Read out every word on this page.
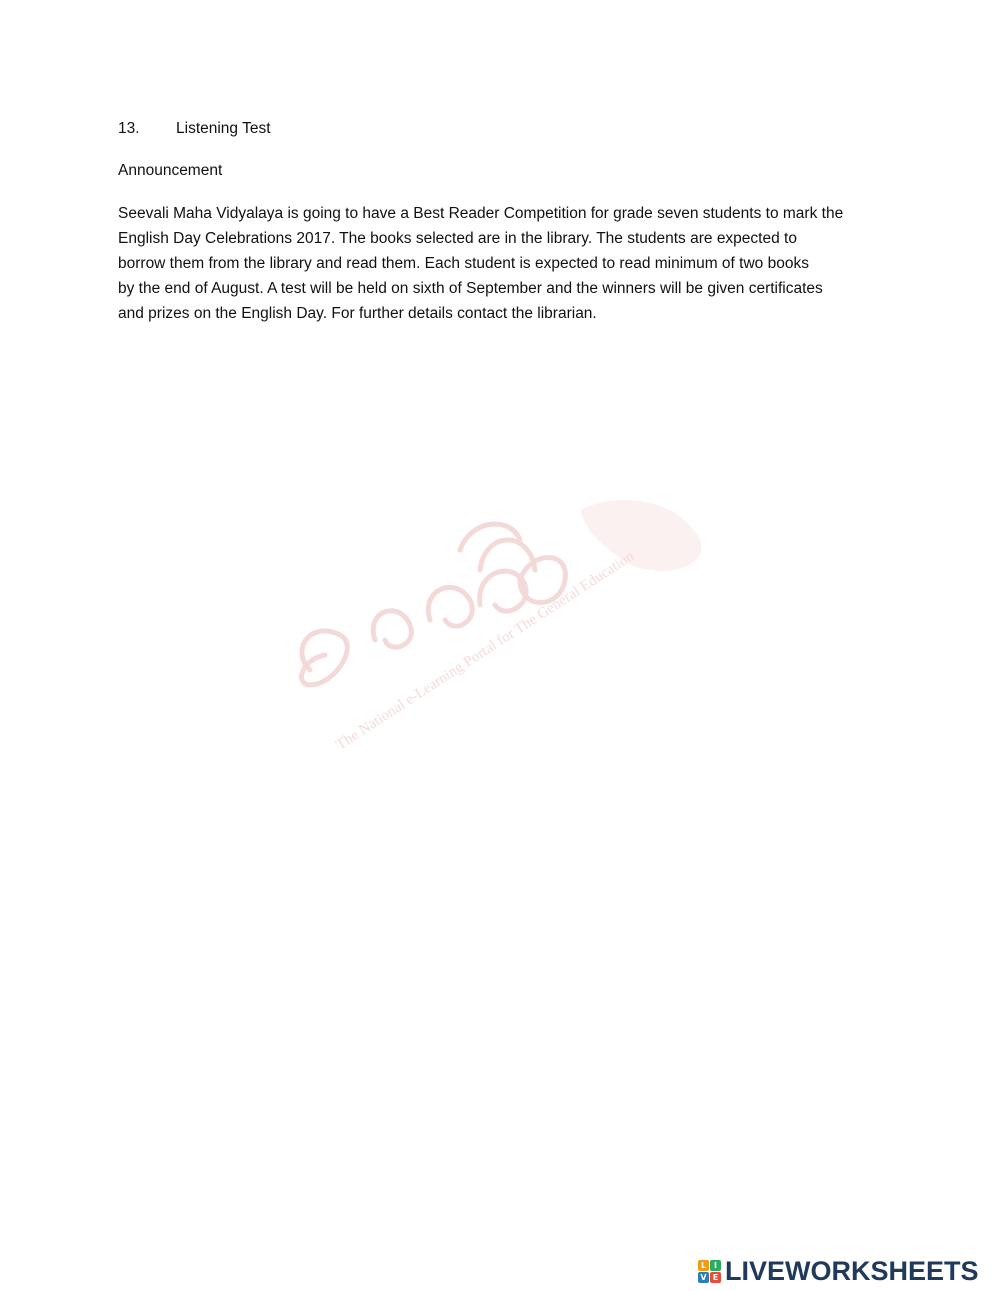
13. Listening Test
Announcement
Seevali Maha Vidyalaya is going to have a Best Reader Competition for grade seven students to mark the
English Day Celebrations 2017. The books selected are in the library. The students are expected to
borrow them from the library and read them. Each student is expected to read minimum of two books
by the end of August. A test will be held on sixth of September and the winners will be given certificates
and prizes on the English Day. For further details contact the librarian.
The National e-Learning Portal for The General Education
L I
V E LIVEWORKSHEETS
